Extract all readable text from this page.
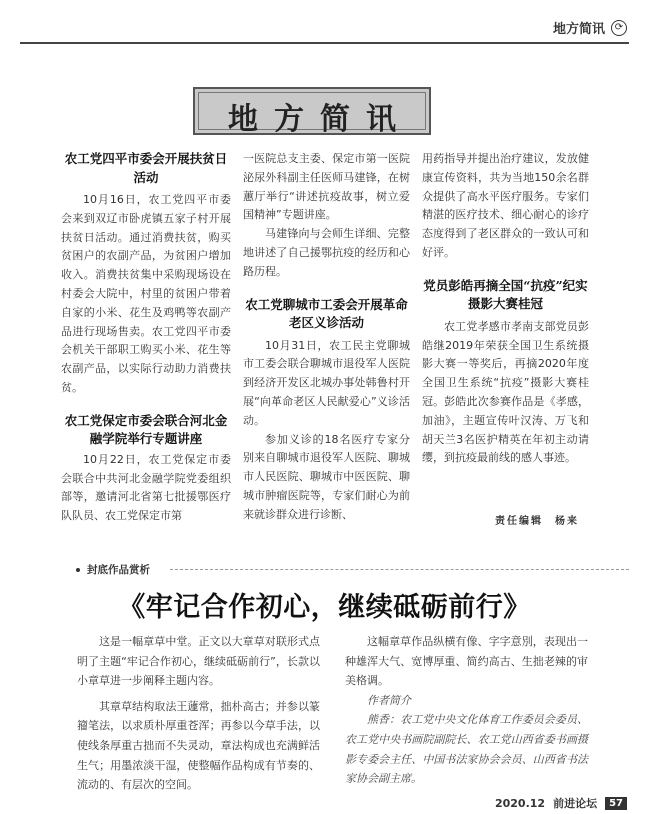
地方简讯 ⟳
地方简讯
农工党四平市委会开展扶贫日活动

10月16日，农工党四平市委会来到双辽市卧虎镇五家子村开展扶贫日活动。通过消费扶贫，购买贫困户的农副产品，为贫困户增加收入。消费扶贫集中采购现场设在村委会大院中，村里的贫困户带着自家的小米、花生及鸡鸭等农副产品进行现场售卖。农工党四平市委会机关干部职工购买小米、花生等农副产品，以实际行动助力消费扶贫。

农工党保定市委会联合河北金融学院举行专题讲座

10月22日，农工党保定市委会联合中共河北金融学院党委组织部等，邀请河北省第七批援鄂医疗队队员、农工党保定市第

一医院总支主委、保定市第一医院泌尿外科副主任医师马建锋，在树蕙厅举行“讲述抗疫故事，树立爱国精神”专题讲座。

马建锋向与会师生详细、完整地讲述了自己援鄂抗疫的经历和心路历程。

农工党聊城市工委会开展革命老区义诊活动

10月31日，农工民主党聊城市工委会联合聊城市退役军人医院到经济开发区北城办事处韩鲁村开展“向革命老区人民献爱心”义诊活动。

参加义诊的18名医疗专家分别来自聊城市退役军人医院、聊城市人民医院、聊城市中医医院、聊城市肿瘤医院等，专家们耐心为前来就诊群众进行诊断、

用药指导并提出治疗建议，发放健康宣传资料，共为当地150余名群众提供了高水平医疗服务。专家们精湛的医疗技术、细心耐心的诊疗态度得到了老区群众的一致认可和好评。

党员彭皓再摘全国“抗疫”纪实摄影大赛桂冠

农工党孝感市孝南支部党员彭皓继2019年荣获全国卫生系统摄影大赛一等奖后，再摘2020年度全国卫生系统“抗疫”摄影大赛桂冠。彭皓此次参赛作品是《孝感，加油》，主题宣传叶汉涛、万飞和胡天兰3名医护精英在年初主动请缨，到抗疫最前线的感人事迹。

责任编辑　杨来
封底作品赏析
《牢记合作初心，继续砥砺前行》

这是一幅章草中堂。正文以大章草对联形式点明了主题“牢记合作初心，继续砥砺前行”，长款以小章草进一步阐释主题内容。

其章草结构取法王蘧常，拙朴高古；并参以篆籀笔法，以求质朴厚重苍浑；再参以今草手法，以使线条厚重古拙而不失灵动，章法构成也充满鲜活生气；用墨浓淡干湿，使整幅作品构成有节奏的、流动的、有层次的空间。

这幅章草作品纵横有像、字字意別，表现出一种雄浑大气、宽博厚重、简约高古、生拙老辣的审美格调。

作者简介

熊香：农工党中央文化体育工作委员会委员、农工党中央书画院副院长、农工党山西省委书画摄影专委会主任、中国书法家协会会员、山西省书法家协会副主席。

2020.12 前进论坛	57
